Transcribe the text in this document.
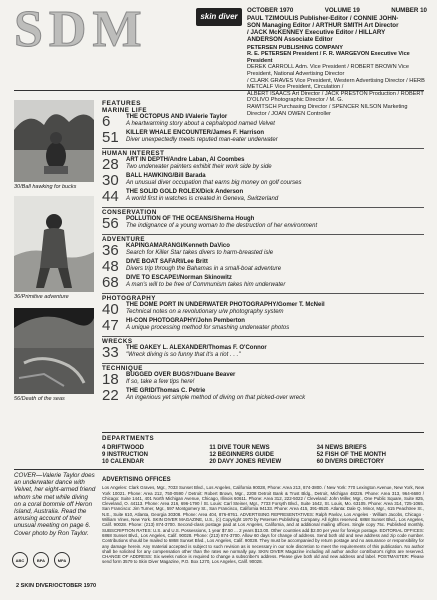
SDM	skin diver
OCTOBER 1970	VOLUME 19	NUMBER 10
PAUL TZIMOULIS Publisher-Editor / CONNIE JOHN-
SON Managing Editor / ARTHUR SMITH Art Director
/ JACK McKENNEY Executive Editor / HILLARY
ANDERSON Associate Editor
PETERSEN PUBLISHING COMPANY
R. E. PETERSEN President / F. R. WARGEVON Executive Vice President
DEREK CARROLL Adm. Vice President / ROBERT BROWN Vice President, National Advertising Director
/ CLARK GRAVES Vice President, Western Advertising Director / HERB METCALF Vice President, Circulation /
ALBERT ISAACS Art Director / JACK PRESTON Production / ROBERT D'OLIVO Photographic Director / M. G.
RAWITSCH Purchasing Director / SPENCER NILSON Marketing Director / JOAN OWEN Controller
30/Ball hawking for bucks
36/Primitive adventure
56/Death of the seas
FEATURES
MARINE LIFE
6	THE OCTOPUS AND I/Valerie Taylor
A heartwarming story about a cephalopod named Velvet
51	KILLER WHALE ENCOUNTER/James F. Harrison
Diver unexpectedly meets reputed man-eater underwater
HUMAN INTEREST
28	ART IN DEPTH/Andre Laban, Al Coombes
Two underwater painters exhibit their work side by side
30	BALL HAWKING/Bill Barada
An unusual diver occupation that earns big money on golf courses
44	THE SOLID GOLD ROLEX/Dick Anderson
A world first in watches is created in Geneva, Switzerland
CONSERVATION
56	POLLUTION OF THE OCEANS/Sherna Hough
The indignance of a young woman to the destruction of her environment
ADVENTURE
36	KAPINGAMARANGI/Kenneth DaVico
Search for Killer Star takes divers to harm-breasted isle
48	DIVE BOAT SAFARI/Lee Britt
Divers trip through the Bahamas in a small-boat adventure
68	DIVE TO ESCAPE!/Norman Skinowitz
A man's will to be free of Communism takes him underwater
PHOTOGRAPHY
40	THE DOME PORT IN UNDERWATER PHOTOGRAPHY/Gomer T. McNeil
Technical notes on a revolutionary u/w photography system
47	HI-CON PHOTOGRAPHY/John Pemberton
A unique processing method for smashing underwater photos
WRECKS
33	THE OAKEY L. ALEXANDER/Thomas F. O'Connor
"Wreck diving is so funny that it's a riot . . ."
TECHNIQUE
18	BUGGED OVER BUGS?/Duane Beaver
If so, take a few tips here!
22	THE GRID/Thomas C. Petrie
An ingenious yet simple method of diving on that picked-over wreck
DEPARTMENTS
4 DRIFTWOOD	11 DIVE TOUR NEWS	34 NEWS BRIEFS
9 INSTRUCTION	12 BEGINNERS GUIDE	52 FISH OF THE MONTH
10 CALENDAR	20 DAVY JONES REVIEW	60 DIVERS DIRECTORY
COVER—Valerie Taylor does an underwater dance with Velvet, her eight-armed friend whom she met while diving on a coral bommie off Heron Island, Australia. Read the amusing account of their unusual meeting on page 6. Cover photo by Ron Taylor.
ADVERTISING OFFICES
Los Angeles: Clark Graves, Mgr., 7033 Sunset Blvd., Los Angeles, California 90028, Phone: Area 213, 874-3800. / New York: 770 Lexington Avenue, New York, New York 10021. Phone: Area 212, 750-0590 / Detroit: Robert Brown, Mgr., 2208 Detroit Bank & Trust Bldg., Detroit, Michigan 48226. Phone: Area 313, 964-6680 / Chicago: Suite 1441, 401 North Michigan Avenue, Chicago, Illinois 60611. Phone: Area 312, 222-5022 / Cleveland: John Miller, Mgr., One Public Square, Suite 825, Cleveland, O. 44113. Phone: Area 216, 696-1790 / St. Louis: Carl Steiner, Mgr., 7733 Forsyth Blvd., Suite 1642, St. Louis, Mo. 63105. Phone: Area 314, 725-1065. San Francisco: Jim Turner, Mgr., 597 Montgomery St., San Francisco, California 94133. Phone: Area 415, 391-8520. Atlanta: Dale Q. Minor, Mgr., 615 Peachtree St., N.E., Suite 610, Atlanta, Georgia 30308. Phone: Area 404, 876-8761. ADVERTISING REPRESENTATIVES: Ralph Pavlov, Los Angeles · William Jacobs, Chicago · William Vines, New York. SKIN DIVER MAGAZINE, U.S., (c) Copyright 1970 by Petersen Publishing Company. All rights reserved. 6868 Sunset Blvd., Los Angeles, Calif. 90028. Phone: (213) 874-3700. Second-class postage paid at Los Angeles, California, and at additional mailing offices. Single copy 75c. Published monthly. SUBSCRIPTION RATES: U.S. and U.S. Possessions, 1 year $7.50 ... 2 years $13.00. Other countries add $2.00 per year for foreign postage. EDITORIAL OFFICES: 6868 Sunset Blvd., Los Angeles, Calif. 90028. Phone: (213) 874-3700. Allow 60 days for change of address. Send both old and new address and zip code number. Contributions should be mailed to 6868 Sunset Blvd., Los Angeles, Calif. 90028. They must be accompanied by return postage and no assurance or responsibility for any damage herein. Any material accepted is subject to such revision as is necessary in our sole discretion to meet the requirements of this publication. No author shall be solicited for any compensation other than the rates we normally pay. SKIN DIVER Magazine including all author and/or contributor's rights are reserved. CHANGE OF ADDRESS: Six weeks notice is required to change a subscriber's address. Please give both old and new address and label. POSTMASTER: Please send form 3579 to Skin Diver Magazine, P.O. Box 1270, Los Angeles, Calif. 90028.
ABC	BPA	MPA
2 SKIN DIVER/OCTOBER 1970
